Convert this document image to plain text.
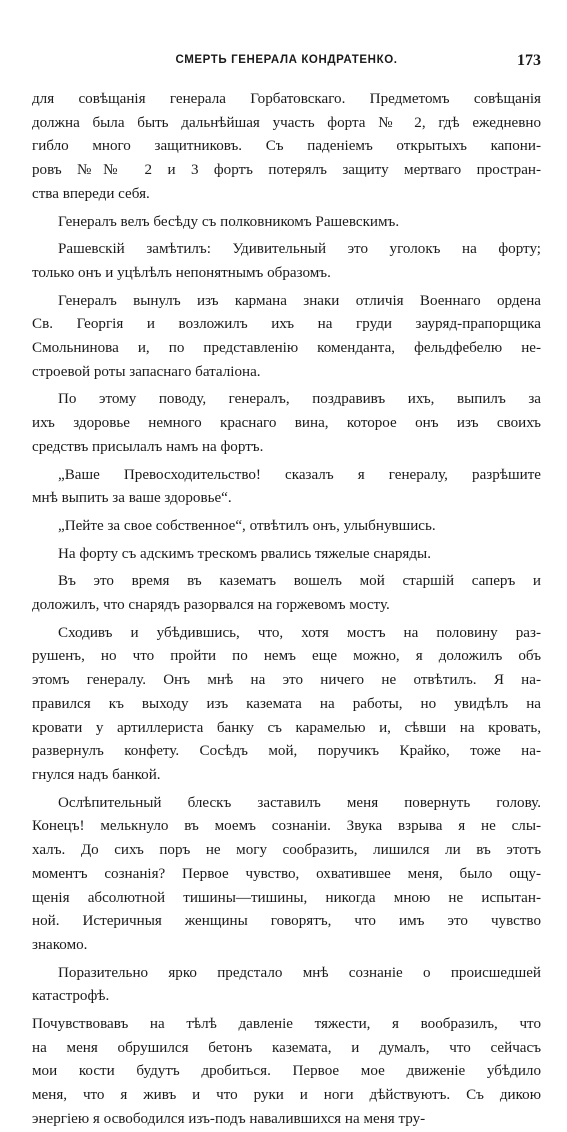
СМЕРТЬ ГЕНЕРАЛА КОНДРАТЕНКО.	173

для совѣщанія генерала Горбатовскаго. Предметомъ совѣщанія
должна была быть дальнѣйшая участь форта № 2, гдѣ ежедневно
гибло много защитниковъ. Съ паденіемъ открытыхъ капони-
ровъ №№ 2 и 3 фортъ потерялъ защиту мертваго простран-
ства впереди себя.

Генералъ велъ бесѣду съ полковникомъ Рашевскимъ.

Рашевскій замѣтилъ: Удивительный это уголокъ на форту;
только онъ и уцѣлѣлъ непонятнымъ образомъ.

Генералъ вынулъ изъ кармана знаки отличія Военнаго ордена
Св. Георгія и возложилъ ихъ на груди зауряд-прапорщика
Смольнинова и, по представленію коменданта, фельдфебелю не-
строевой роты запаснаго баталіона.

По этому поводу, генералъ, поздравивъ ихъ, выпилъ за
ихъ здоровье немного краснаго вина, которое онъ изъ своихъ
средствъ присылалъ намъ на фортъ.

„Ваше Превосходительство! сказалъ я генералу, разрѣшите
мнѣ выпить за ваше здоровье“.

„Пейте за свое собственное“, отвѣтилъ онъ, улыбнувшись.

На форту съ адскимъ трескомъ рвались тяжелые снаряды.

Въ это время въ казематъ вошелъ мой старшій саперъ и
доложилъ, что снарядъ разорвался на горжевомъ мосту.

Сходивъ и убѣдившись, что, хотя мостъ на половину раз-
рушенъ, но что пройти по немъ еще можно, я доложилъ объ
этомъ генералу. Онъ мнѣ на это ничего не отвѣтилъ. Я на-
правился къ выходу изъ каземата на работы, но увидѣлъ на
кровати у артиллериста банку съ карамелью и, сѣвши на кровать,
развернулъ конфету. Сосѣдъ мой, поручикъ Крайко, тоже на-
гнулся надъ банкой.

Ослѣпительный блескъ заставилъ меня повернуть голову.
Конецъ! мелькнуло въ моемъ сознаніи. Звука взрыва я не слы-
халъ. До сихъ поръ не могу сообразить, лишился ли въ этотъ
моментъ сознанія? Первое чувство, охватившее меня, было ощу-
щенія абсолютной тишины—тишины, никогда мною не испытан-
ной. Истеричныя женщины говорятъ, что имъ это чувство
знакомо.

Поразительно ярко предстало мнѣ сознаніе о происшедшей
катастрофѣ.

Почувствовавъ на тѣлѣ давленіе тяжести, я вообразилъ, что
на меня обрушился бетонъ каземата, и думалъ, что сейчасъ
мои кости будутъ дробиться. Первое мое движеніе убѣдило
меня, что я живъ и что руки и ноги дѣйствуютъ. Съ дикою
энергіею я освободился изъ-подъ навалившихся на меня тру-
